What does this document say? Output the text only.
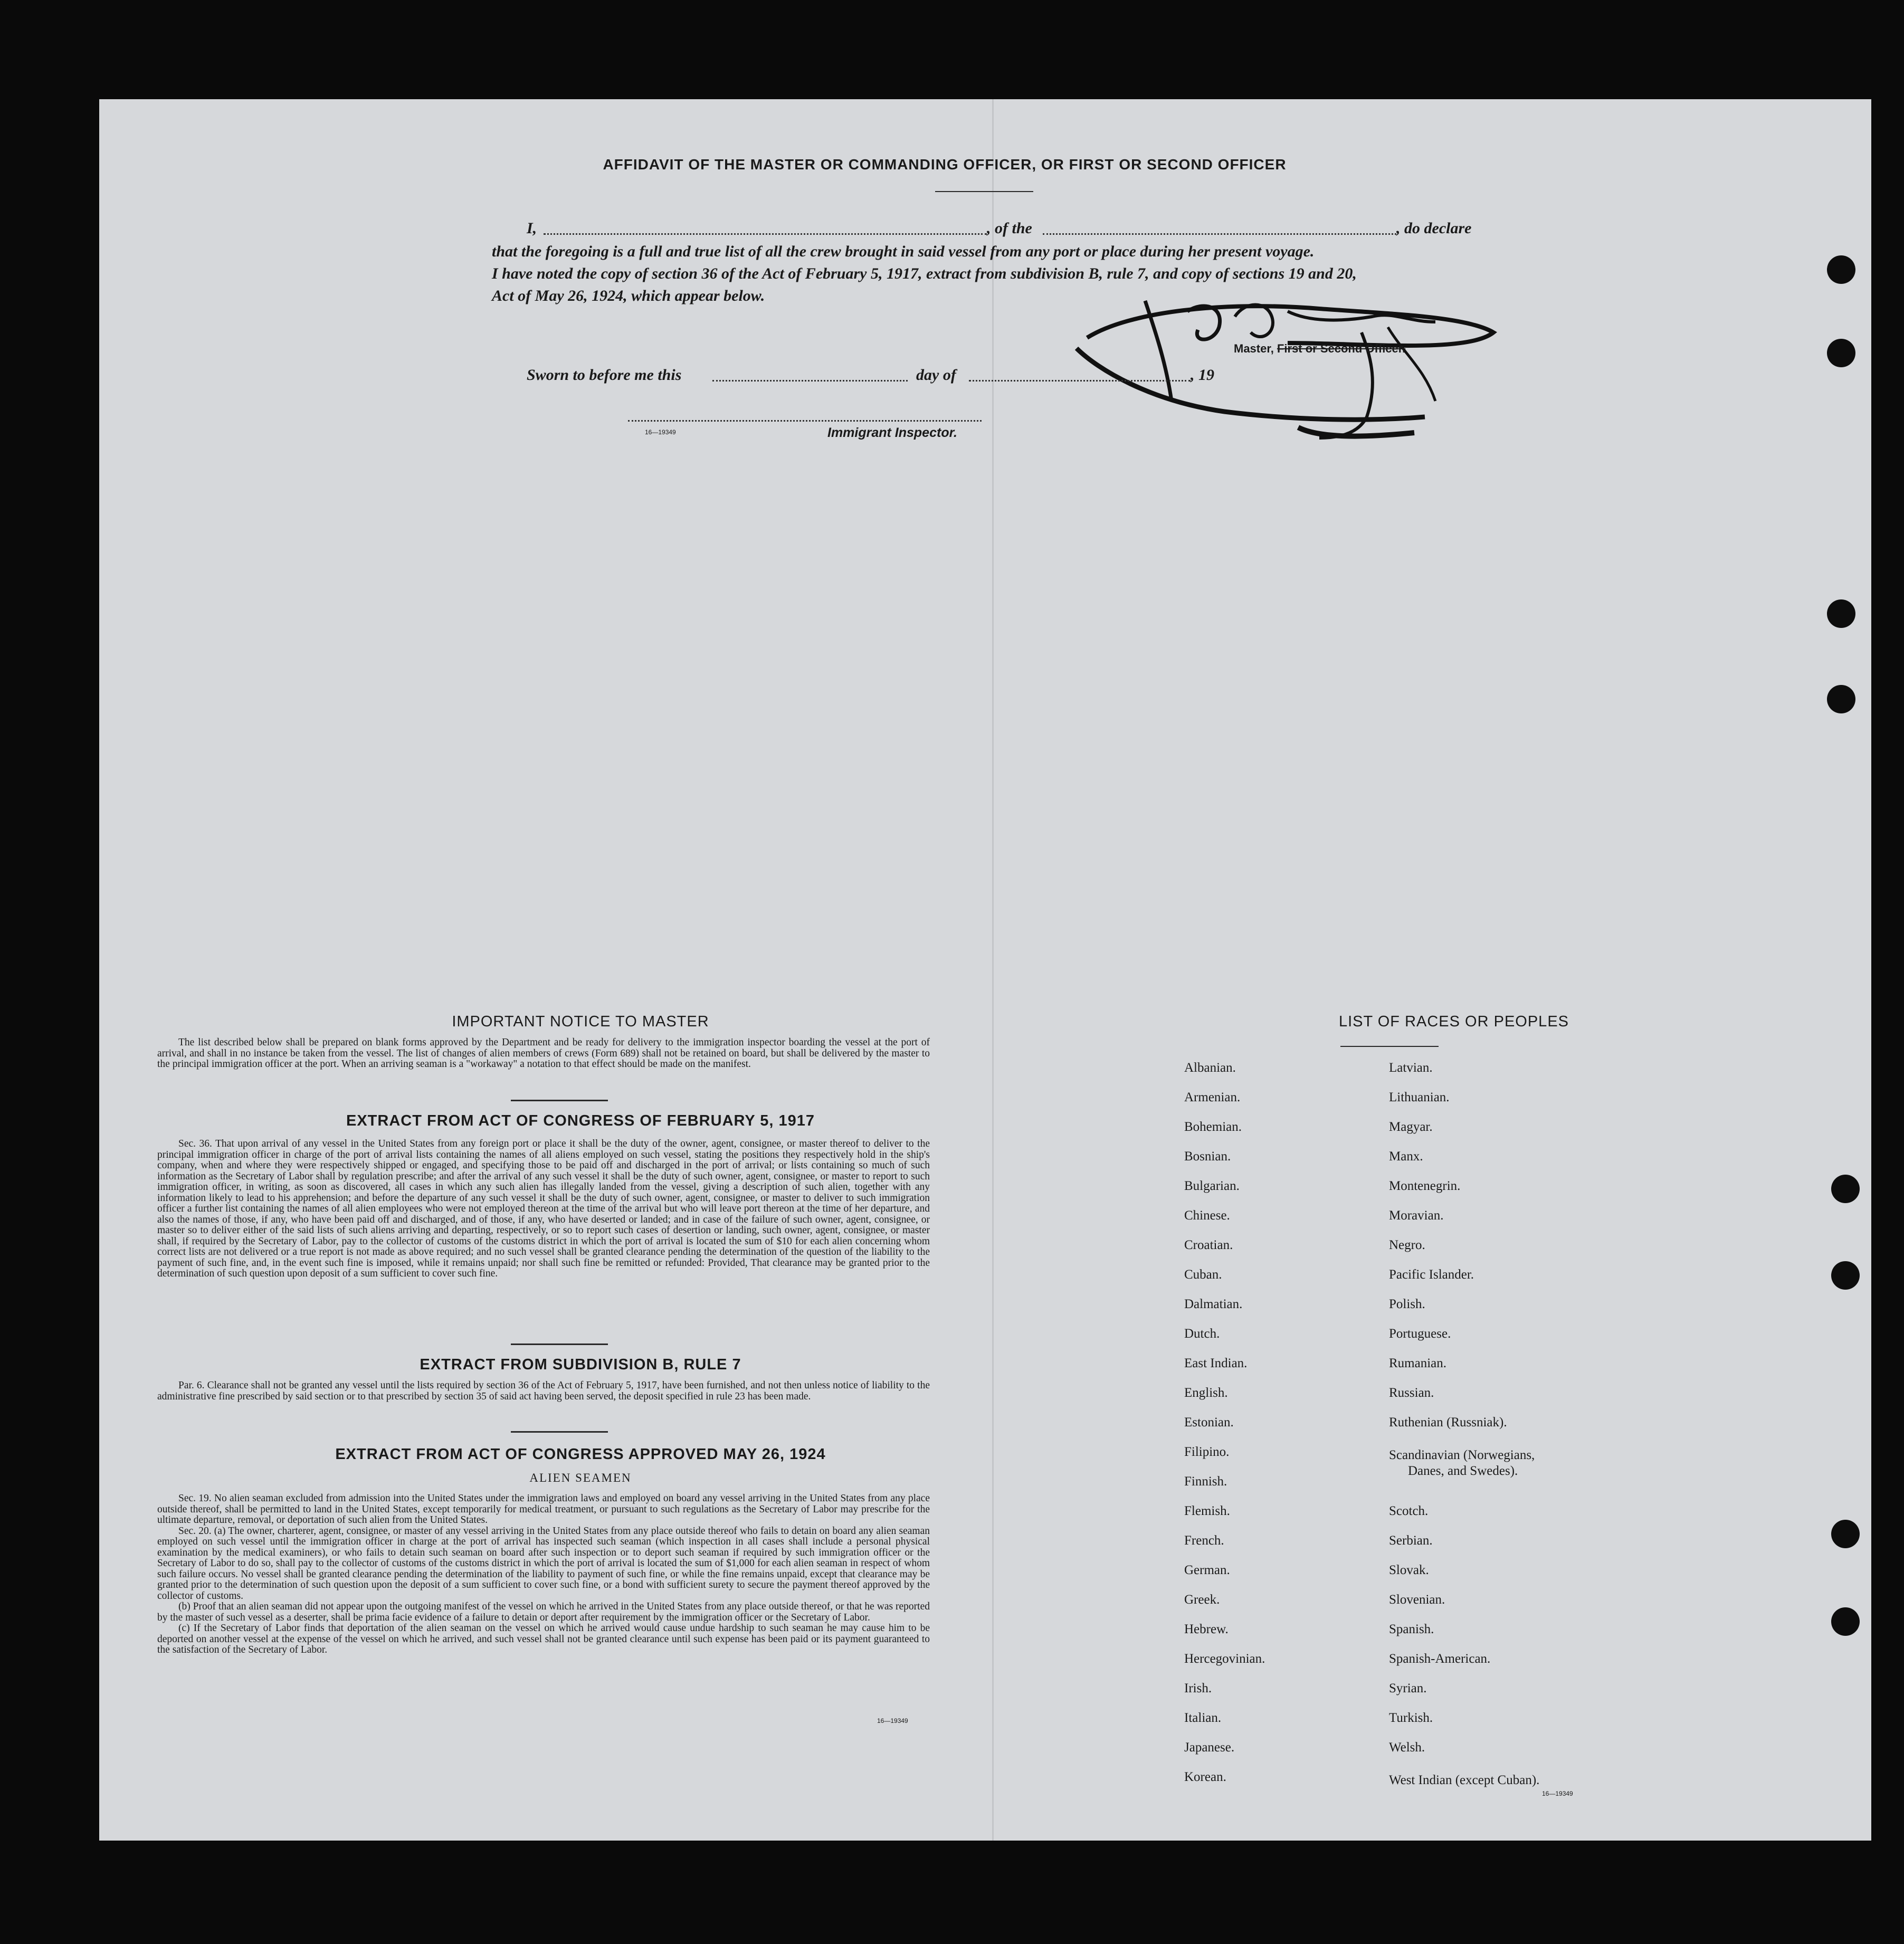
AFFIDAVIT OF THE MASTER OR COMMANDING OFFICER, OR FIRST OR SECOND OFFICER
I,	, of the	, do declare
that the foregoing is a full and true list of all the crew brought in said vessel from any port or place during her present voyage.
I have noted the copy of section 36 of the Act of February 5, 1917, extract from subdivision B, rule 7, and copy of sections 19 and 20,
Act of May 26, 1924, which appear below.
Master, First or Second Officer.
Sworn to before me this	day of	, 19
16—19349	Immigrant Inspector.
IMPORTANT NOTICE TO MASTER

The list described below shall be prepared on blank forms approved by the Department and be ready for delivery to the immigration inspector boarding the vessel at the port of arrival, and shall in no instance be taken from the vessel. The list of changes of alien members of crews (Form 689) shall not be retained on board, but shall be delivered by the master to the principal immigration officer at the port. When an arriving seaman is a "workaway" a notation to that effect should be made on the manifest.

EXTRACT FROM ACT OF CONGRESS OF FEBRUARY 5, 1917

Sec. 36. That upon arrival of any vessel in the United States from any foreign port or place it shall be the duty of the owner, agent, consignee, or master thereof to deliver to the principal immigration officer in charge of the port of arrival lists containing the names of all aliens employed on such vessel, stating the positions they respectively hold in the ship's company, when and where they were respectively shipped or engaged, and specifying those to be paid off and discharged in the port of arrival; or lists containing so much of such information as the Secretary of Labor shall by regulation prescribe; and after the arrival of any such vessel it shall be the duty of such owner, agent, consignee, or master to report to such immigration officer, in writing, as soon as discovered, all cases in which any such alien has illegally landed from the vessel, giving a description of such alien, together with any information likely to lead to his apprehension; and before the departure of any such vessel it shall be the duty of such owner, agent, consignee, or master to deliver to such immigration officer a further list containing the names of all alien employees who were not employed thereon at the time of the arrival but who will leave port thereon at the time of her departure, and also the names of those, if any, who have been paid off and discharged, and of those, if any, who have deserted or landed; and in case of the failure of such owner, agent, consignee, or master so to deliver either of the said lists of such aliens arriving and departing, respectively, or so to report such cases of desertion or landing, such owner, agent, consignee, or master shall, if required by the Secretary of Labor, pay to the collector of customs of the customs district in which the port of arrival is located the sum of $10 for each alien concerning whom correct lists are not delivered or a true report is not made as above required; and no such vessel shall be granted clearance pending the determination of the question of the liability to the payment of such fine, and, in the event such fine is imposed, while it remains unpaid; nor shall such fine be remitted or refunded: Provided, That clearance may be granted prior to the determination of such question upon deposit of a sum sufficient to cover such fine.

EXTRACT FROM SUBDIVISION B, RULE 7

Par. 6. Clearance shall not be granted any vessel until the lists required by section 36 of the Act of February 5, 1917, have been furnished, and not then unless notice of liability to the administrative fine prescribed by said section or to that prescribed by section 35 of said act having been served, the deposit specified in rule 23 has been made.

EXTRACT FROM ACT OF CONGRESS APPROVED MAY 26, 1924
ALIEN SEAMEN

Sec. 19. No alien seaman excluded from admission into the United States under the immigration laws and employed on board any vessel arriving in the United States from any place outside thereof, shall be permitted to land in the United States, except temporarily for medical treatment, or pursuant to such regulations as the Secretary of Labor may prescribe for the ultimate departure, removal, or deportation of such alien from the United States.

Sec. 20. (a) The owner, charterer, agent, consignee, or master of any vessel arriving in the United States from any place outside thereof who fails to detain on board any alien seaman employed on such vessel until the immigration officer in charge at the port of arrival has inspected such seaman (which inspection in all cases shall include a personal physical examination by the medical examiners), or who fails to detain such seaman on board after such inspection or to deport such seaman if required by such immigration officer or the Secretary of Labor to do so, shall pay to the collector of customs of the customs district in which the port of arrival is located the sum of $1,000 for each alien seaman in respect of whom such failure occurs. No vessel shall be granted clearance pending the determination of the liability to payment of such fine, or while the fine remains unpaid, except that clearance may be granted prior to the determination of such question upon the deposit of a sum sufficient to cover such fine, or a bond with sufficient surety to secure the payment thereof approved by the collector of customs.

(b) Proof that an alien seaman did not appear upon the outgoing manifest of the vessel on which he arrived in the United States from any place outside thereof, or that he was reported by the master of such vessel as a deserter, shall be prima facie evidence of a failure to detain or deport after requirement by the immigration officer or the Secretary of Labor.

(c) If the Secretary of Labor finds that deportation of the alien seaman on the vessel on which he arrived would cause undue hardship to such seaman he may cause him to be deported on another vessel at the expense of the vessel on which he arrived, and such vessel shall not be granted clearance until such expense has been paid or its payment guaranteed to the satisfaction of the Secretary of Labor.

16—19349
LIST OF RACES OR PEOPLES
Albanian.
Armenian.
Bohemian.
Bosnian.
Bulgarian.
Chinese.
Croatian.
Cuban.
Dalmatian.
Dutch.
East Indian.
English.
Estonian.
Filipino.
Finnish.
Flemish.
French.
German.
Greek.
Hebrew.
Hercegovinian.
Irish.
Italian.
Japanese.
Korean.
Latvian.
Lithuanian.
Magyar.
Manx.
Montenegrin.
Moravian.
Negro.
Pacific Islander.
Polish.
Portuguese.
Rumanian.
Russian.
Ruthenian (Russniak).
Scandinavian (Norwegians,
Danes, and Swedes).
Scotch.
Serbian.
Slovak.
Slovenian.
Spanish.
Spanish-American.
Syrian.
Turkish.
Welsh.
West Indian (except Cuban).
16—19349
